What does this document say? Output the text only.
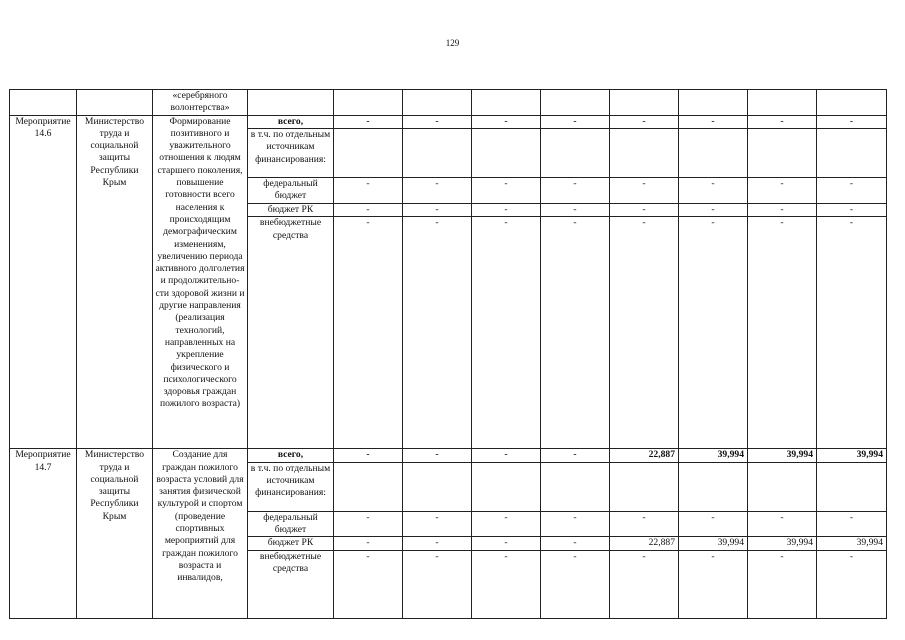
129
		«серебряного волонтерства»									
Мероприятие 14.6	Министерство труда и социальной защиты Республики Крым	Формирование позитивного и уважительного отношения к людям старшего поколения, повышение готовности всего населения к происходящим демографическим изменениям, увеличению периода активного долголетия и продолжительно-сти здоровой жизни и другие направления (реализация технологий, направленных на укрепление физического и психологического здоровья граждан пожилого возраста)	всего,	-	-	-	-	-	-	-	-
			в т.ч. по отдельным источникам финансирования:								
			федеральный бюджет	-	-	-	-	-	-	-	-
			бюджет РК	-	-	-	-	-	-	-	-
			внебюджетные средства	-	-	-	-	-	-	-	-
Мероприятие 14.7	Министерство труда и социальной защиты Республики Крым	Создание для граждан пожилого возраста условий для занятия физической культурой и спортом (проведение спортивных мероприятий для граждан пожилого возраста и инвалидов,	всего,	-	-	-	-	22,887	39,994	39,994	39,994
			в т.ч. по отдельным источникам финансирования:								
			федеральный бюджет	-	-	-	-	-	-	-	-
			бюджет РК	-	-	-	-	22,887	39,994	39,994	39,994
			внебюджетные средства	-	-	-	-	-	-	-	-
